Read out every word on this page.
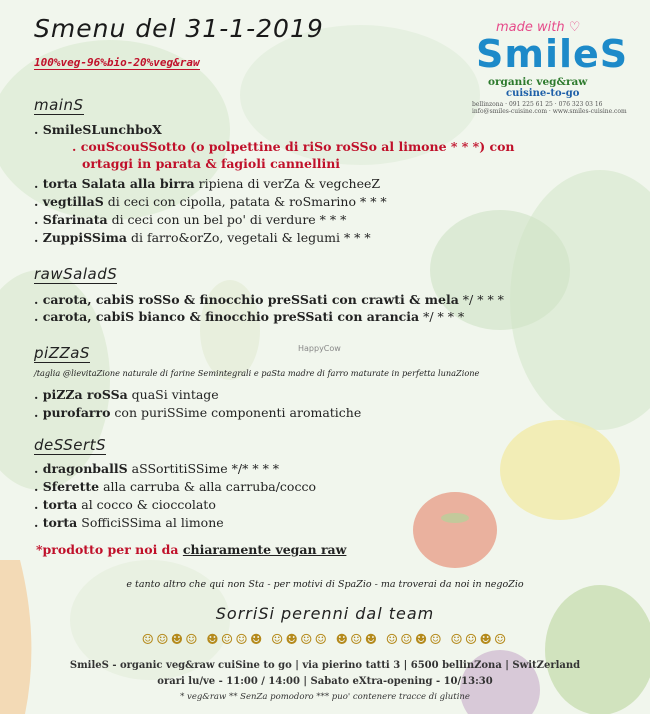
Smenu del 31-1-2019
100%veg-96%bio-20%veg&raw
made with ♡
SmileS
organic veg&raw
cuisine-to-go
bellinzona · 091 225 61 25 · 076 323 03 16
info@smiles-cuisine.com · www.smiles-cuisine.com
mainS
. SmileSLunchboX
. couScouSSotto (o polpettine di riSo roSSo al limone * * *) con
ortaggi in parata & fagioli cannellini
. torta Salata alla birra ripiena di verZa & vegcheeZ
. vegtillaS di ceci con cipolla, patata & roSmarino * * *
. Sfarinata di ceci con un bel po' di verdure * * *
. ZuppiSSima di farro&orZo, vegetali & legumi * * *
rawSaladS
. carota, cabiS roSSo & finocchio preSSati con crawti & mela */ * * *
. carota, cabiS bianco & finocchio preSSati con arancia */ * * *
piZZaS
/taglia @lievitaZione naturale di farine Semintegrali e paSta madre di farro maturate in perfetta lunaZione
. piZZa roSSa quaSi vintage
. purofarro con puriSSime componenti aromatiche
deSSertS
. dragonballS aSSortitiSSime */* * * *
. Sferette alla carruba & alla carruba/cocco
. torta al cocco & cioccolato
. torta SofficiSSima al limone
*prodotto per noi da chiaramente vegan raw
e tanto altro che qui non Sta - per motivi di SpaZio - ma troverai da noi in negoZio
SorriSi perenni dal team
☺☺☻☺ ☻☺☺☻ ☺☻☺☺ ☻☺☻ ☺☺☻☺ ☺☺☻☺
SmileS - organic veg&raw cuiSine to go | via pierino tatti 3 | 6500 bellinZona | SwitZerland
orari lu/ve - 11:00 / 14:00 | Sabato eXtra-opening - 10/13:30
* veg&raw ** SenZa pomodoro *** puo' contenere tracce di glutine
HappyCow
